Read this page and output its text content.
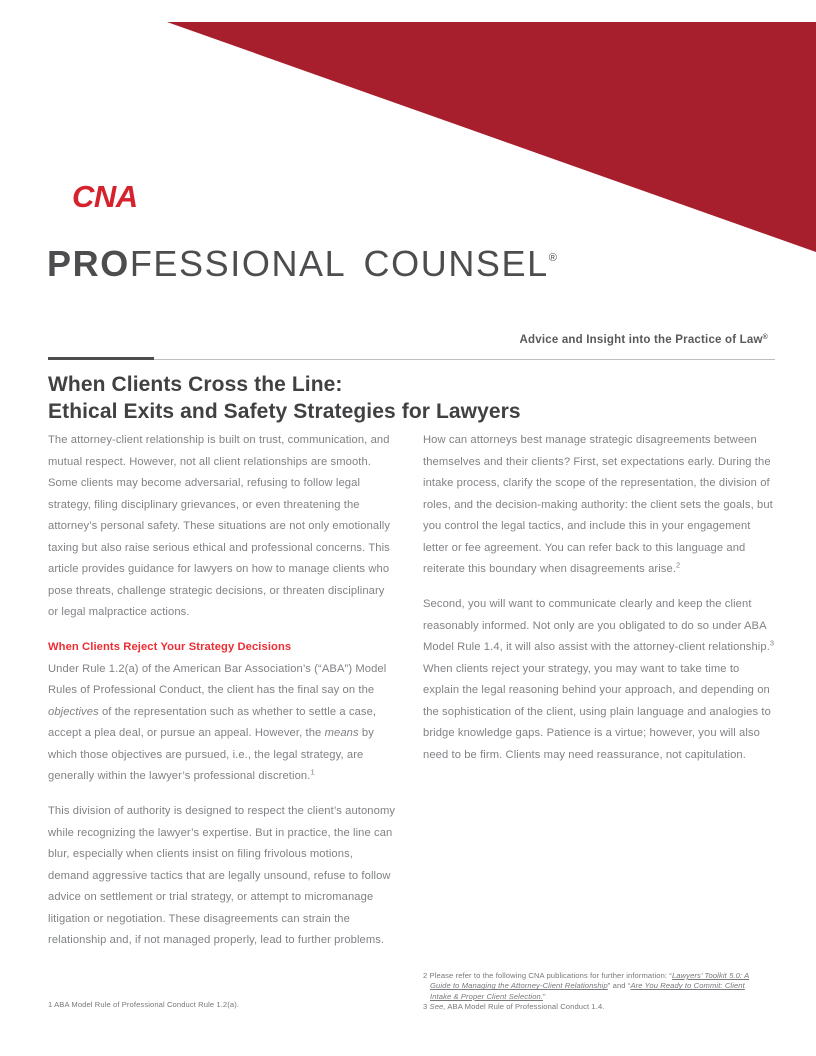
CNA
PROFESSIONAL COUNSEL®
Advice and Insight into the Practice of Law®
When Clients Cross the Line:
Ethical Exits and Safety Strategies for Lawyers

The attorney-client relationship is built on trust, communication, and mutual respect. However, not all client relationships are smooth. Some clients may become adversarial, refusing to follow legal strategy, filing disciplinary grievances, or even threatening the attorney’s personal safety. These situations are not only emotionally taxing but also raise serious ethical and professional concerns. This article provides guidance for lawyers on how to manage clients who pose threats, challenge strategic decisions, or threaten disciplinary or legal malpractice actions.

When Clients Reject Your Strategy Decisions

Under Rule 1.2(a) of the American Bar Association’s (“ABA”) Model Rules of Professional Conduct, the client has the final say on the objectives of the representation such as whether to settle a case, accept a plea deal, or pursue an appeal. However, the means by which those objectives are pursued, i.e., the legal strategy, are generally within the lawyer’s professional discretion.$^1$

This division of authority is designed to respect the client’s autonomy while recognizing the lawyer’s expertise. But in practice, the line can blur, especially when clients insist on filing frivolous motions, demand aggressive tactics that are legally unsound, refuse to follow advice on settlement or trial strategy, or attempt to micromanage litigation or negotiation. These disagreements can strain the relationship and, if not managed properly, lead to further problems.

How can attorneys best manage strategic disagreements between themselves and their clients? First, set expectations early. During the intake process, clarify the scope of the representation, the division of roles, and the decision-making authority: the client sets the goals, but you control the legal tactics, and include this in your engagement letter or fee agreement. You can refer back to this language and reiterate this boundary when disagreements arise.$^2$

Second, you will want to communicate clearly and keep the client reasonably informed. Not only are you obligated to do so under ABA Model Rule 1.4, it will also assist with the attorney-client relationship.$^3$ When clients reject your strategy, you may want to take time to explain the legal reasoning behind your approach, and depending on the sophistication of the client, using plain language and analogies to bridge knowledge gaps. Patience is a virtue; however, you will also need to be firm. Clients may need reassurance, not capitulation.

1 ABA Model Rule of Professional Conduct Rule 1.2(a).
2 Please refer to the following CNA publications for further information: “Lawyers’ Toolkit 5.0: A Guide to Managing the Attorney-Client Relationship” and “Are You Ready to Commit: Client Intake & Proper Client Selection.”
3 See, ABA Model Rule of Professional Conduct 1.4.
